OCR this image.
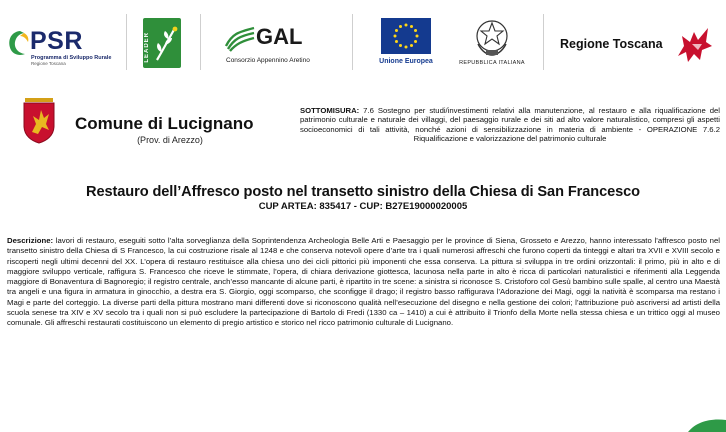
PSR
Programma di Sviluppo Rurale
Regione Toscana
LEADER	GAL
Consorzio Appennino Aretino	Unione Europea	REPUBBLICA ITALIANA
Regione Toscana
Comune di Lucignano
(Prov. di Arezzo)
SOTTOMISURA: 7.6 Sostegno per studi/investimenti relativi alla manutenzione, al restauro e alla riqualificazione del patrimonio culturale e naturale dei villaggi, del paesaggio rurale e dei siti ad alto valore naturalistico, compresi gli aspetti socioeconomici di tali attività, nonché azioni di sensibilizzazione in materia di ambiente - OPERAZIONE 7.6.2 Riqualificazione e valorizzazione del patrimonio culturale
Restauro dell’Affresco posto nel transetto sinistro della Chiesa di San Francesco
CUP ARTEA: 835417 - CUP: B27E19000020005
Descrizione: lavori di restauro, eseguiti sotto l’alta sorveglianza della Soprintendenza Archeologia Belle Arti e Paesaggio per le province di Siena, Grosseto e Arezzo, hanno interessato l’affresco posto nel transetto sinistro della Chiesa di S Francesco, la cui costruzione risale al 1248 e che conserva notevoli opere d’arte tra i quali numerosi affreschi che furono coperti da tinteggi e altari tra XVII e XVIII secolo e riscoperti negli ultimi decenni del XX. L’opera di restauro restituisce alla chiesa uno dei cicli pittorici più imponenti che essa conserva. La pittura si sviluppa in tre ordini orizzontali: il primo, più in alto e di maggiore sviluppo verticale, raffigura S. Francesco che riceve le stimmate, l’opera, di chiara derivazione giottesca, lacunosa nella parte in alto è ricca di particolari naturalistici e riferimenti alla Leggenda maggiore di Bonaventura di Bagnoregio; il registro centrale, anch’esso mancante di alcune parti, è ripartito in tre scene: a sinistra si riconosce S. Cristoforo col Gesù bambino sulle spalle, al centro una Maestà tra angeli e una figura in armatura in ginocchio, a destra era S. Giorgio, oggi scomparso, che sconfigge il drago; il registro basso raffigurava l’Adorazione dei Magi, oggi la natività è scomparsa ma restano i Magi e parte del corteggio. La diverse parti della pittura mostrano mani differenti dove si riconoscono qualità nell’esecuzione del disegno e nella gestione dei colori; l’attribuzione può ascriversi ad artisti della scuola senese tra XIV e XV secolo tra i quali non si può escludere la partecipazione di Bartolo di Fredi (1330 ca – 1410) a cui è attribuito il Trionfo della Morte nella stessa chiesa e un trittico oggi al museo comunale. Gli affreschi restaurati costituiscono un elemento di pregio artistico e storico nel ricco patrimonio culturale di Lucignano.
